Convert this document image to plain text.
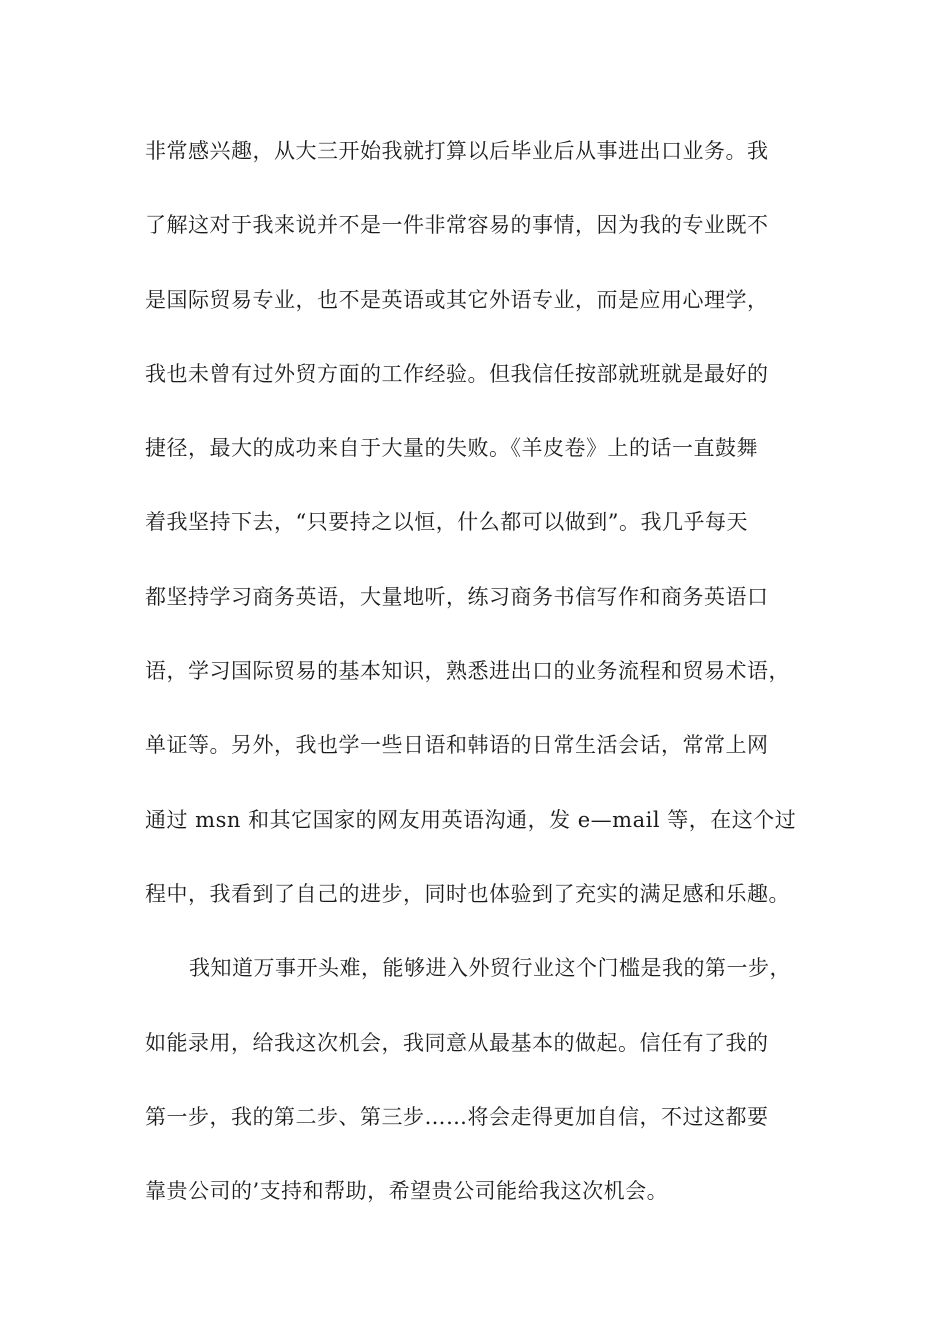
非常感兴趣，从大三开始我就打算以后毕业后从事进出口业务。我
了解这对于我来说并不是一件非常容易的事情，因为我的专业既不
是国际贸易专业，也不是英语或其它外语专业，而是应用心理学，
我也未曾有过外贸方面的工作经验。但我信任按部就班就是最好的
捷径，最大的成功来自于大量的失败。《羊皮卷》上的话一直鼓舞
着我坚持下去，“只要持之以恒，什么都可以做到”。我几乎每天
都坚持学习商务英语，大量地听，练习商务书信写作和商务英语口
语，学习国际贸易的基本知识，熟悉进出口的业务流程和贸易术语，
单证等。另外，我也学一些日语和韩语的日常生活会话，常常上网
通过 msn 和其它国家的网友用英语沟通，发 e—mail 等，在这个过
程中，我看到了自己的进步，同时也体验到了充实的满足感和乐趣。
我知道万事开头难，能够进入外贸行业这个门槛是我的第一步，
如能录用，给我这次机会，我同意从最基本的做起。信任有了我的
第一步，我的第二步、第三步……将会走得更加自信，不过这都要
靠贵公司的’支持和帮助，希望贵公司能给我这次机会。
